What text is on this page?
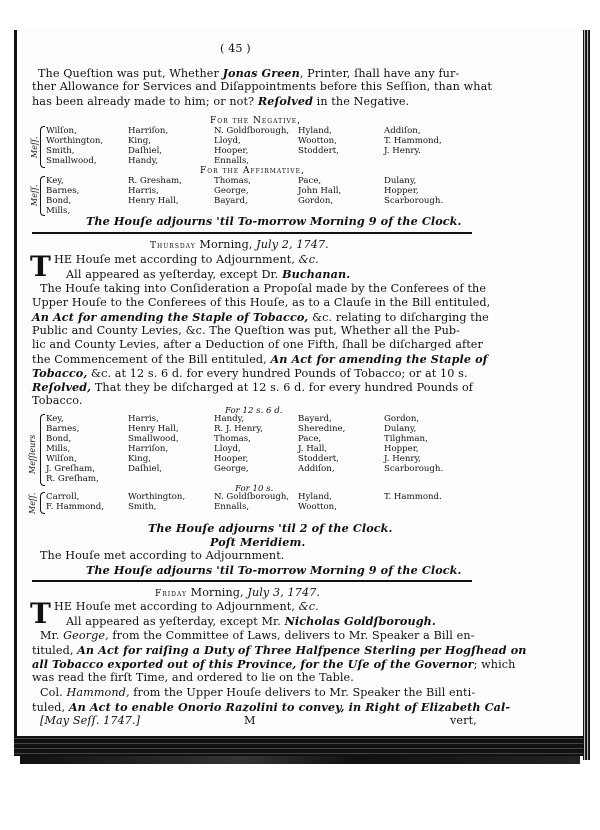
( 45 )
The Queſtion was put, Whether Jonas Green, Printer, ſhall have any fur-
ther Allowance for Services and Diſappointments before this Seſſion, than what
has been already made to him; or not? Reſolved in the Negative.
For the Negative,
Meſſ.
Wilſon,	Harriſon,	N. Goldſborough, Hyland,	Addiſon,
Worthington,	King,	Lloyd,	Wootton,	T. Hammond,
Smith,	Daſhiel,	Hooper,	Stoddert,	J. Henry.
Smallwood,	Handy,	Ennalls,
For the Affirmative,
Meſſ.
Key,	R. Gresham,	Thomas,	Pace,	Dulany,
Barnes,	Harris,	George,	John Hall,	Hopper,
Bond,	Henry Hall,	Bayard,	Gordon,	Scarborough.
Mills,
The Houſe adjourns 'til To-morrow Morning 9 of the Clock.
Thursday Morning, July 2, 1747.
T HE Houſe met according to Adjournment, &c.
All appeared as yeſterday, except Dr. Buchanan.
The Houſe taking into Conſideration a Propoſal made by the Conferees of the
Upper Houſe to the Conferees of this Houſe, as to a Clauſe in the Bill entituled,
An Act for amending the Staple of Tobacco, &c. relating to diſcharging the
Public and County Levies, &c. The Queſtion was put, Whether all the Pub-
lic and County Levies, after a Deduction of one Fifth, ſhall be diſcharged after
the Commencement of the Bill entituled, An Act for amending the Staple of
Tobacco, &c. at 12 s. 6 d. for every hundred Pounds of Tobacco; or at 10 s.
Reſolved, That they be diſcharged at 12 s. 6 d. for every hundred Pounds of
Tobacco.
For 12 s. 6 d.
Meſſieurs
Key,	Harris,	Handy,	Bayard,	Gordon,
Barnes,	Henry Hall,	R. J. Henry,	Sheredine,	Dulany,
Bond,	Smallwood,	Thomas,	Pace,	Tilghman,
Mills,	Harriſon,	Lloyd,	J. Hall,	Hopper,
Wilſon,	King,	Hooper,	Stoddert,	J. Henry,
J. Greſham,	Daſhiel,	George,	Addiſon,	Scarborough.
R. Greſham,
For 10 s.
Meſſ. Carroll,	Worthington,	N. Goldſborough, Hyland,	T. Hammond.
F. Hammond,	Smith,	Ennalls,	Wootton,
The Houſe adjourns 'til 2 of the Clock.
Poſt Meridiem.
The Houſe met according to Adjournment.
The Houſe adjourns 'til To-morrow Morning 9 of the Clock.
Friday Morning, July 3, 1747.
T HE Houſe met according to Adjournment, &c.
All appeared as yeſterday, except Mr. Nicholas Goldſborough.
Mr. George, from the Committee of Laws, delivers to Mr. Speaker a Bill en-
tituled, An Act for raiſing a Duty of Three Halfpence Sterling per Hogſhead on
all Tobacco exported out of this Province, for the Uſe of the Governor; which
was read the firſt Time, and ordered to lie on the Table.
Col. Hammond, from the Upper Houſe delivers to Mr. Speaker the Bill enti-
tuled, An Act to enable Onorio Razolini to convey, in Right of Elizabeth Cal-
[May Seſſ. 1747.]	M	vert,
